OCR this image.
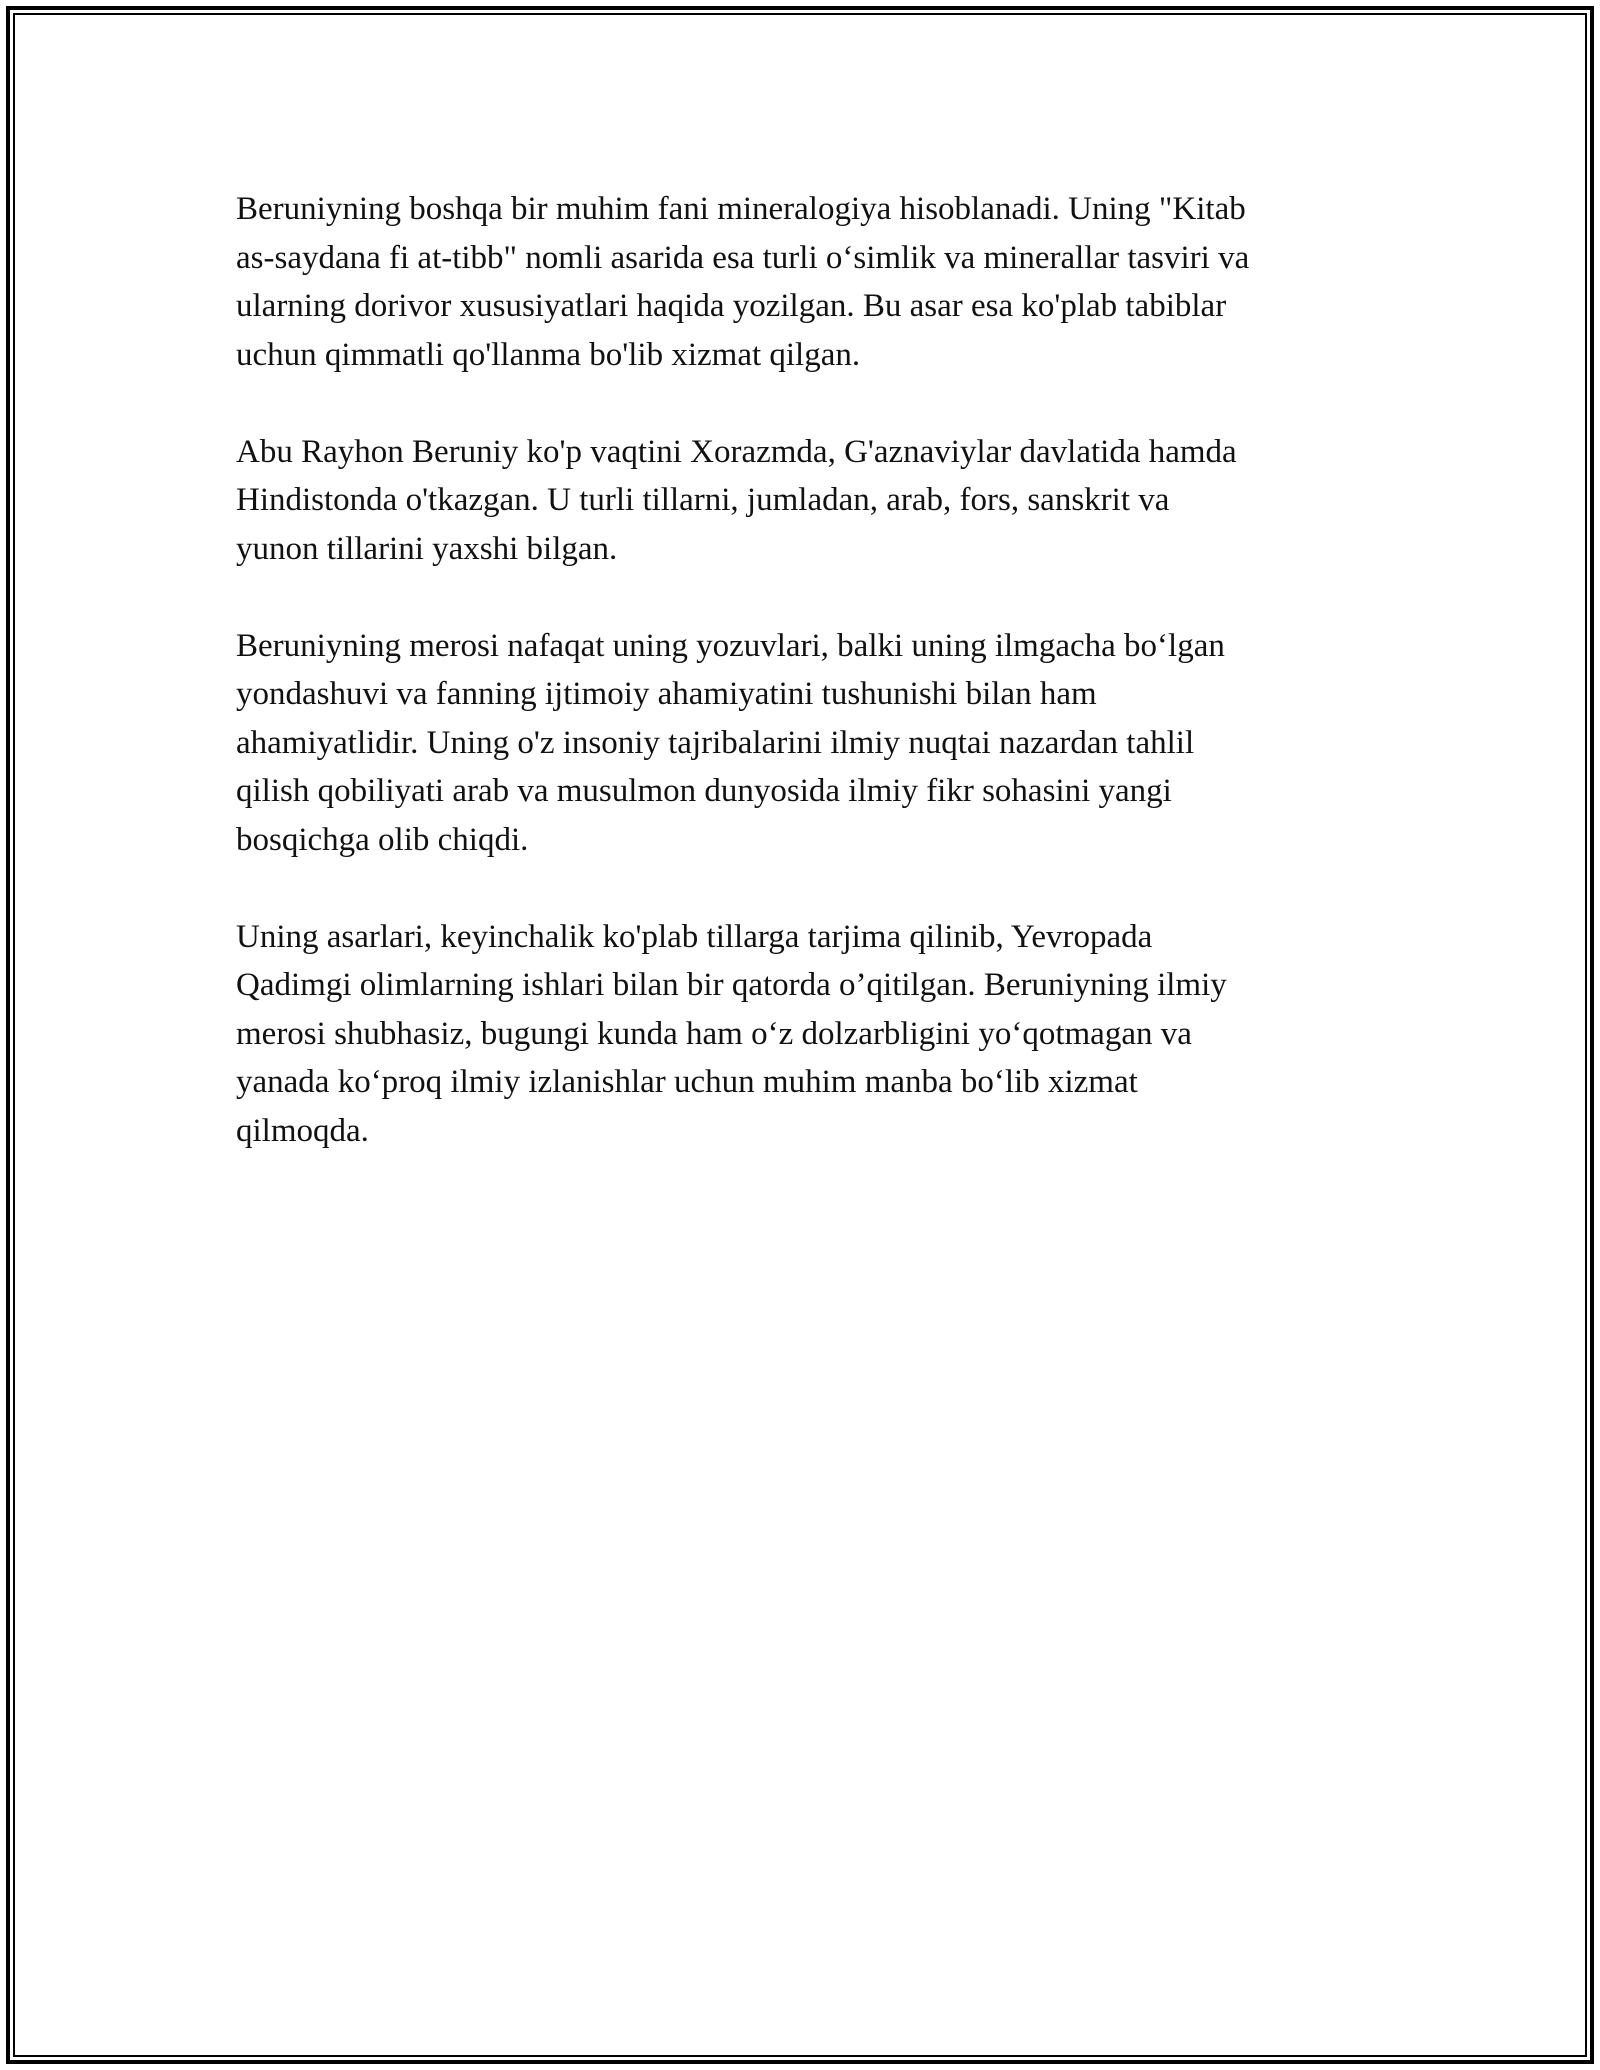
Beruniyning boshqa bir muhim fani mineralogiya hisoblanadi. Uning "Kitab
as-saydana fi at-tibb" nomli asarida esa turli o‘simlik va minerallar tasviri va
ularning dorivor xususiyatlari haqida yozilgan. Bu asar esa ko'plab tabiblar
uchun qimmatli qo'llanma bo'lib xizmat qilgan.

Abu Rayhon Beruniy ko'p vaqtini Xorazmda, G'aznaviylar davlatida hamda
Hindistonda o'tkazgan. U turli tillarni, jumladan, arab, fors, sanskrit va
yunon tillarini yaxshi bilgan.

Beruniyning merosi nafaqat uning yozuvlari, balki uning ilmgacha bo‘lgan
yondashuvi va fanning ijtimoiy ahamiyatini tushunishi bilan ham
ahamiyatlidir. Uning o'z insoniy tajribalarini ilmiy nuqtai nazardan tahlil
qilish qobiliyati arab va musulmon dunyosida ilmiy fikr sohasini yangi
bosqichga olib chiqdi.

Uning asarlari, keyinchalik ko'plab tillarga tarjima qilinib, Yevropada
Qadimgi olimlarning ishlari bilan bir qatorda o’qitilgan. Beruniyning ilmiy
merosi shubhasiz, bugungi kunda ham o‘z dolzarbligini yo‘qotmagan va
yanada ko‘proq ilmiy izlanishlar uchun muhim manba bo‘lib xizmat
qilmoqda.
